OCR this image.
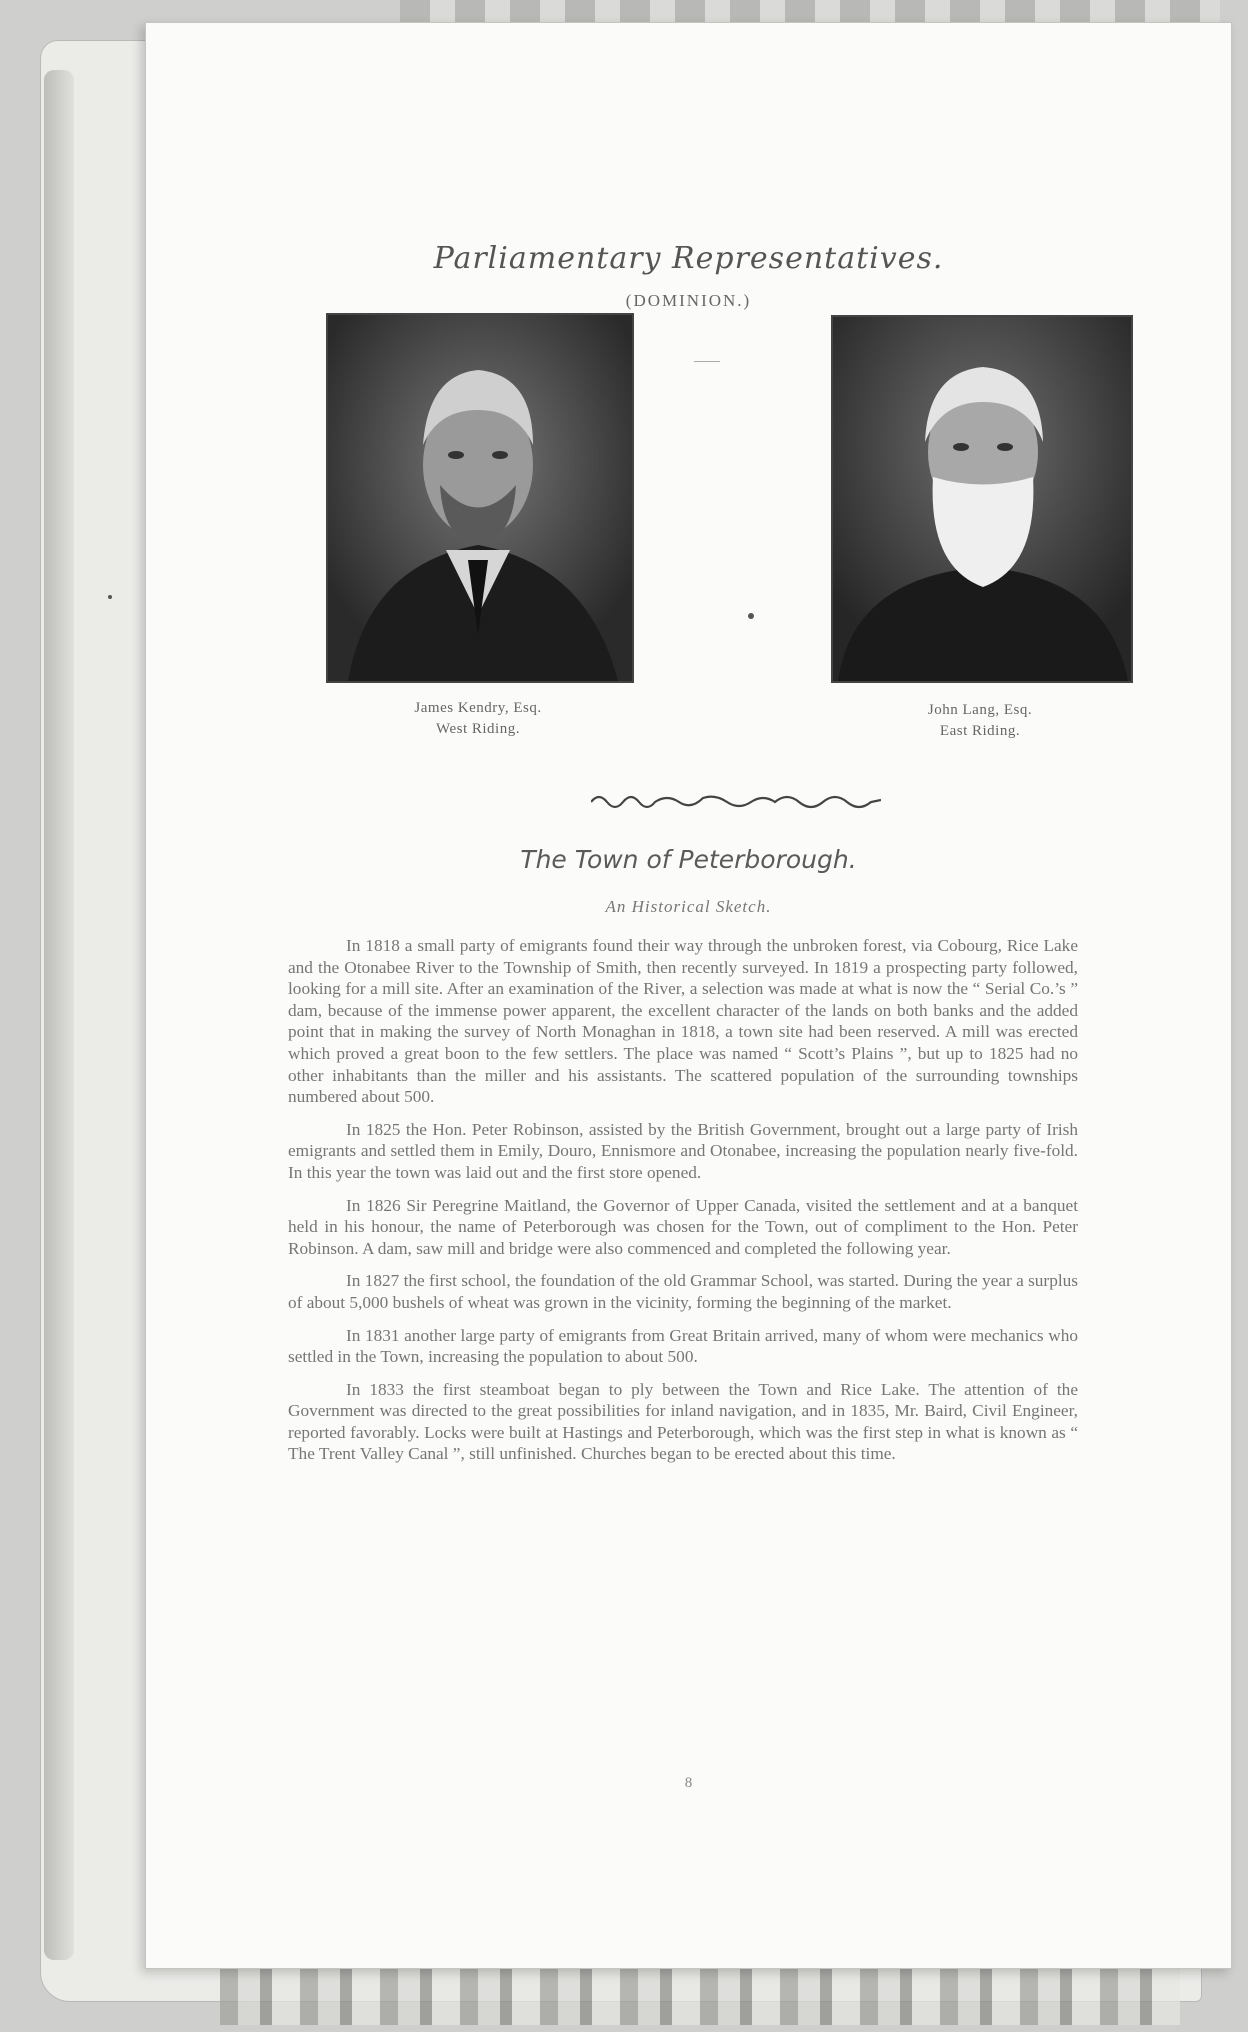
Parliamentary Representatives.
(DOMINION.)
James Kendry, Esq.
West Riding.
John Lang, Esq.
East Riding.
The Town of Peterborough.
An Historical Sketch.

In 1818 a small party of emigrants found their way through the unbroken forest, via Cobourg, Rice Lake and the Otonabee River to the Township of Smith, then recently surveyed. In 1819 a prospecting party followed, looking for a mill site. After an examination of the River, a selection was made at what is now the “ Serial Co.’s ” dam, because of the immense power apparent, the excellent character of the lands on both banks and the added point that in making the survey of North Monaghan in 1818, a town site had been reserved. A mill was erected which proved a great boon to the few settlers. The place was named “ Scott’s Plains ”, but up to 1825 had no other inhabitants than the miller and his assistants. The scattered population of the surrounding townships numbered about 500.

In 1825 the Hon. Peter Robinson, assisted by the British Government, brought out a large party of Irish emigrants and settled them in Emily, Douro, Ennismore and Otonabee, increasing the population nearly five-fold. In this year the town was laid out and the first store opened.

In 1826 Sir Peregrine Maitland, the Governor of Upper Canada, visited the settlement and at a banquet held in his honour, the name of Peterborough was chosen for the Town, out of compliment to the Hon. Peter Robinson. A dam, saw mill and bridge were also commenced and completed the following year.

In 1827 the first school, the foundation of the old Grammar School, was started. During the year a surplus of about 5,000 bushels of wheat was grown in the vicinity, forming the beginning of the market.

In 1831 another large party of emigrants from Great Britain arrived, many of whom were mechanics who settled in the Town, increasing the population to about 500.

In 1833 the first steamboat began to ply between the Town and Rice Lake. The attention of the Government was directed to the great possibilities for inland navigation, and in 1835, Mr. Baird, Civil Engineer, reported favorably. Locks were built at Hastings and Peterborough, which was the first step in what is known as “ The Trent Valley Canal ”, still unfinished. Churches began to be erected about this time.

8
